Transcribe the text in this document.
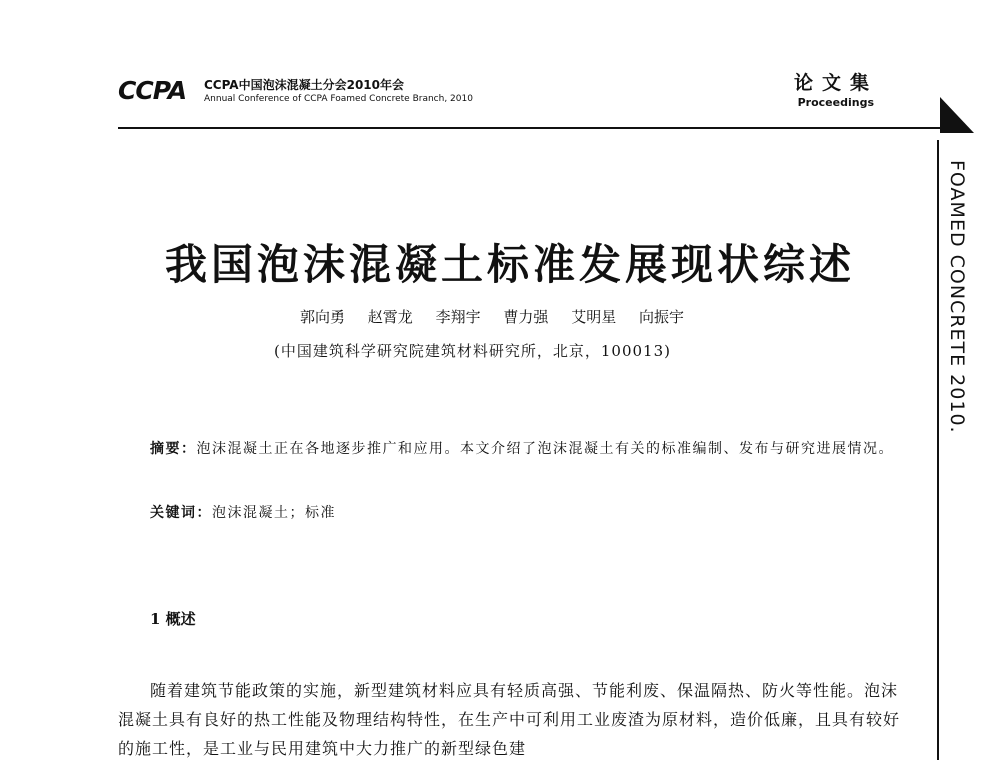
CCPA CCPA中国泡沫混凝土分会2010年会
Annual Conference of CCPA Foamed Concrete Branch, 2010
论文集
Proceedings
FOAMED CONCRETE 2010.
我国泡沫混凝土标准发展现状综述
郭向勇 赵霄龙 李翔宇 曹力强 艾明星 向振宇
(中国建筑科学研究院建筑材料研究所，北京，100013)
摘要：泡沫混凝土正在各地逐步推广和应用。本文介绍了泡沫混凝土有关的标准编制、发布与研究进展情况。
关键词：泡沫混凝土；标准
1 概述
随着建筑节能政策的实施，新型建筑材料应具有轻质高强、节能利废、保温隔热、防火等性能。泡沫混凝土具有良好的热工性能及物理结构特性，在生产中可利用工业废渣为原材料，造价低廉，且具有较好的施工性，是工业与民用建筑中大力推广的新型绿色建
